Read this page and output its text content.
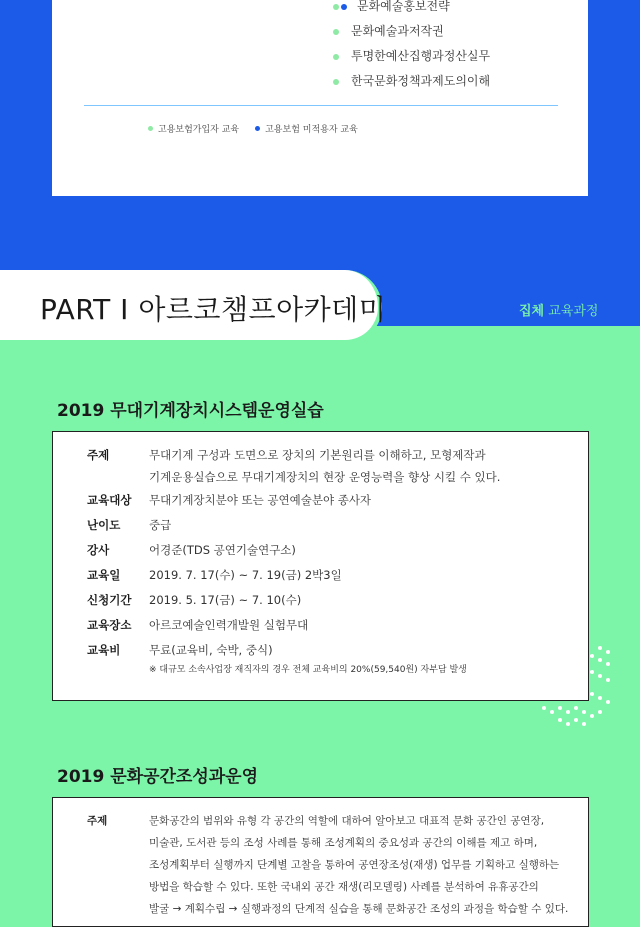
문화예술홍보전략
문화예술과저작권
투명한예산집행과정산실무
한국문화정책과제도의이해
고용보험가입자 교육	고용보험 미적용자 교육
PART I 아르코챔프아카데미	집체 교육과정
2019 무대기계장치시스템운영실습
주제	무대기계 구성과 도면으로 장치의 기본원리를 이해하고, 모형제작과
기계운용실습으로 무대기계장치의 현장 운영능력을 향상 시킬 수 있다.
교육대상	무대기계장치분야 또는 공연예술분야 종사자
난이도	중급
강사	어경준(TDS 공연기술연구소)
교육일	2019. 7. 17(수) ~ 7. 19(금) 2박3일
신청기간	2019. 5. 17(금) ~ 7. 10(수)
교육장소	아르코예술인력개발원 실험무대
교육비	무료(교육비, 숙박, 중식)
※ 대규모 소속사업장 재직자의 경우 전체 교육비의 20%(59,540원) 자부담 발생
2019 문화공간조성과운영
주제	문화공간의 범위와 유형 각 공간의 역할에 대하여 알아보고 대표적 문화 공간인 공연장,
미술관, 도서관 등의 조성 사례를 통해 조성계획의 중요성과 공간의 이해를 제고 하며,
조성계획부터 실행까지 단계별 고찰을 통하여 공연장조성(재생) 업무를 기획하고 실행하는
방법을 학습할 수 있다. 또한 국내외 공간 재생(리모델링) 사례를 분석하여 유휴공간의
발굴 → 계획수립 → 실행과정의 단계적 실습을 통해 문화공간 조성의 과정을 학습할 수 있다.
